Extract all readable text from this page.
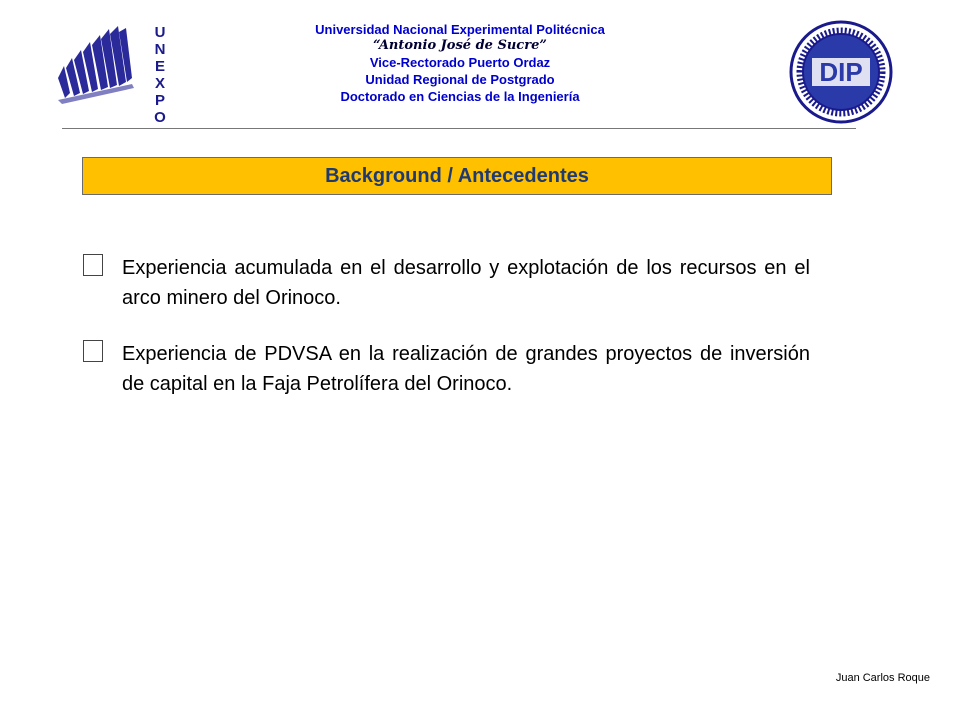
U
N
E
X
P
O
Universidad Nacional Experimental Politécnica
“Antonio José de Sucre”
Vice-Rectorado Puerto Ordaz
Unidad Regional de Postgrado
Doctorado en Ciencias de la Ingeniería
DIP
Background / Antecedentes
Experiencia acumulada en el desarrollo y explotación de los recursos en el arco minero del Orinoco.
Experiencia de PDVSA en la realización de grandes proyectos de inversión de capital en la Faja Petrolífera del Orinoco.
Juan Carlos Roque
